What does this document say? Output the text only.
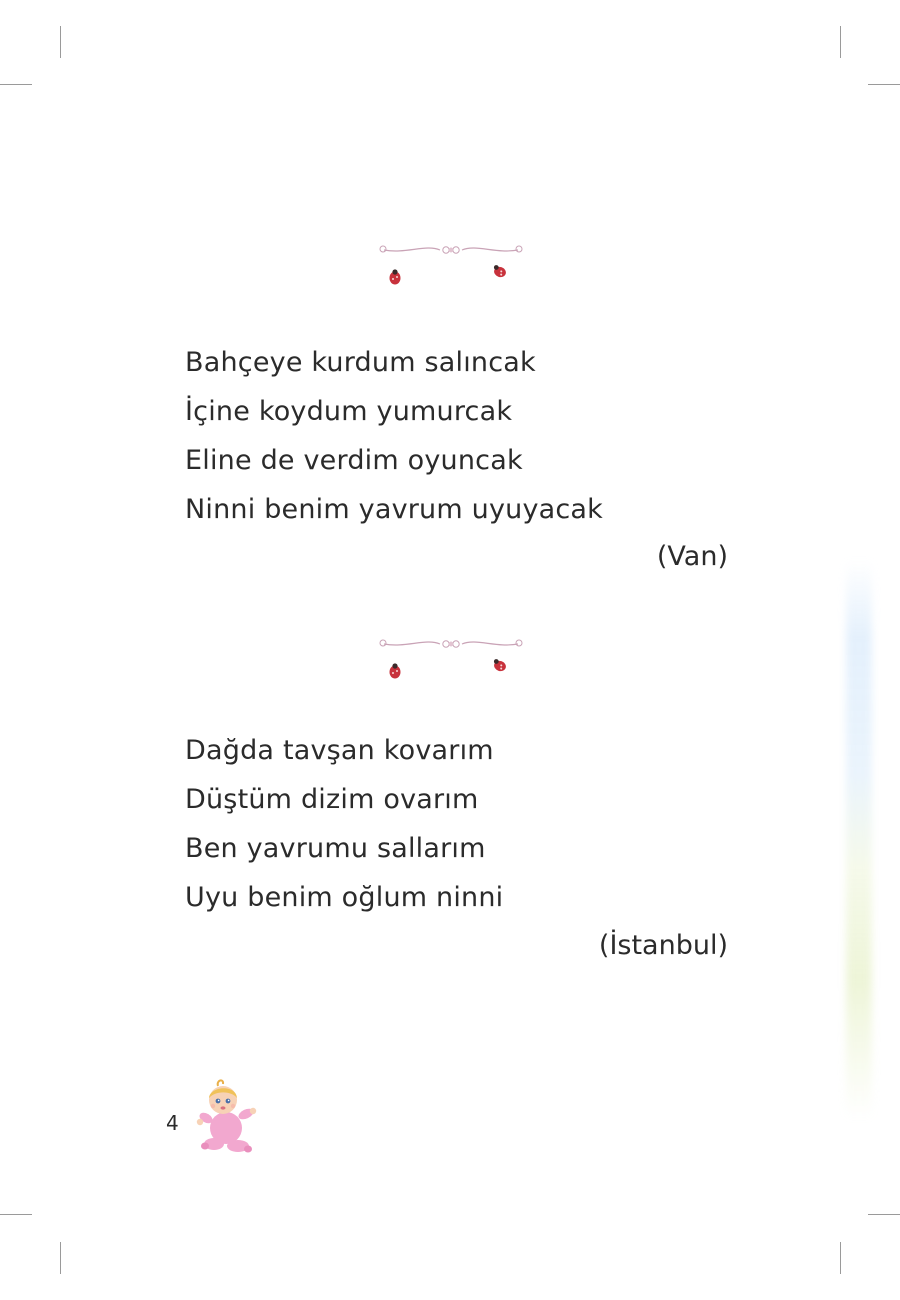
Bahçeye kurdum salıncak
İçine koydum yumurcak
Eline de verdim oyuncak
Ninni benim yavrum uyuyacak
(Van)
Dağda tavşan kovarım
Düştüm dizim ovarım
Ben yavrumu sallarım
Uyu benim oğlum ninni
(İstanbul)
4
